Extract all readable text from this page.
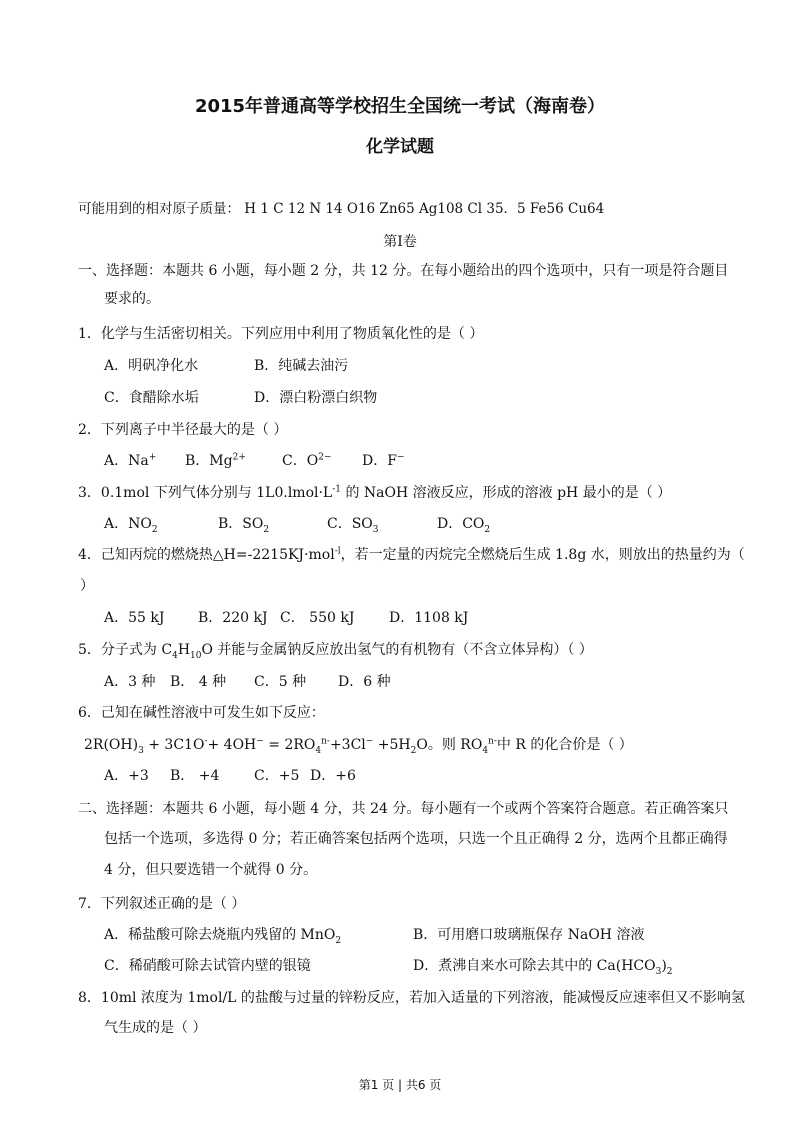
2015年普通高等学校招生全国统一考试（海南卷）
化学试题
可能用到的相对原子质量： H 1 C 12 N 14 O16 Zn65 Ag108 Cl 35．5 Fe56 Cu64
第Ⅰ卷
一、选择题：本题共 6 小题，每小题 2 分，共 12 分。在每小题给出的四个选项中，只有一项是符合题目
要求的。
1．化学与生活密切相关。下列应用中利用了物质氧化性的是（ ）
A．明矾净化水	B．纯碱去油污
C．食醋除水垢	D．漂白粉漂白织物
2．下列离子中半径最大的是（ ）
A．Na+ B．$Mg^{2+}$	C．$O^{2-}$ D．F−
3．0.1mol 下列气体分别与 $1L0.lmol\cdot L^{-1}$ 的 NaOH 溶液反应，形成的溶液 pH 最小的是（ ）
A．$NO_2$	B．$SO_2$	C．$SO_3$	D．$CO_2$
4．己知丙烷的燃烧热△H=-2215KJ·mol$^{-l}$，若一定量的丙烷完全燃烧后生成 1.8g 水，则放出的热量约为（
）
A．55 kJ B．220 kJ C． 550 kJ D．1108 kJ
5．分子式为 $C_4H_{10}O$ 并能与金属钠反应放出氢气的有机物有（不含立体异构）（ ）
A．3 种 B． 4 种 C．5 种 D．6 种
6．己知在碱性溶液中可发生如下反应：
$2R(OH)_3 + 3C1O^-+ 4OH^- = 2RO_4^{n-}+3Cl^- +5H_2O$。则 $RO_4^{n-}$中 R 的化合价是（ ）
A．+3 B． +4 C．+5 D．+6
二、选择题：本题共 6 小题，每小题 4 分，共 24 分。每小题有一个或两个答案符合题意。若正确答案只
包括一个选项，多选得 0 分；若正确答案包括两个选项，只选一个且正确得 2 分，选两个且都正确得
4 分，但只要选错一个就得 0 分。
7．下列叙述正确的是（ ）
A．稀盐酸可除去烧瓶内残留的 MnO$_2$	B．可用磨口玻璃瓶保存 NaOH 溶液
C．稀硝酸可除去试管内壁的银镜	D．煮沸自来水可除去其中的 $Ca(HCO_3)_2$
8．10ml 浓度为 1mol/L 的盐酸与过量的锌粉反应，若加入适量的下列溶液，能减慢反应速率但又不影响氢
气生成的是（ ）
第1 页 | 共6 页
